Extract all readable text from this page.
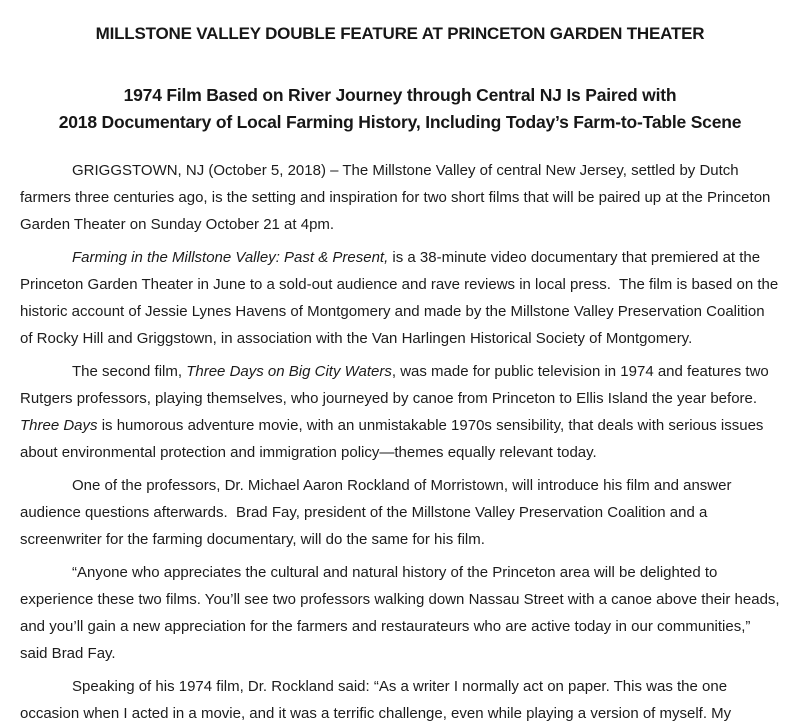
MILLSTONE VALLEY DOUBLE FEATURE AT PRINCETON GARDEN THEATER
1974 Film Based on River Journey through Central NJ Is Paired with
2018 Documentary of Local Farming History, Including Today’s Farm-to-Table Scene

GRIGGSTOWN, NJ (October 5, 2018) – The Millstone Valley of central New Jersey, settled by Dutch farmers three centuries ago, is the setting and inspiration for two short films that will be paired up at the Princeton Garden Theater on Sunday October 21 at 4pm.

Farming in the Millstone Valley: Past & Present, is a 38-minute video documentary that premiered at the Princeton Garden Theater in June to a sold-out audience and rave reviews in local press.  The film is based on the historic account of Jessie Lynes Havens of Montgomery and made by the Millstone Valley Preservation Coalition of Rocky Hill and Griggstown, in association with the Van Harlingen Historical Society of Montgomery.

The second film, Three Days on Big City Waters, was made for public television in 1974 and features two Rutgers professors, playing themselves, who journeyed by canoe from Princeton to Ellis Island the year before. Three Days is humorous adventure movie, with an unmistakable 1970s sensibility, that deals with serious issues about environmental protection and immigration policy—themes equally relevant today.

One of the professors, Dr. Michael Aaron Rockland of Morristown, will introduce his film and answer audience questions afterwards.  Brad Fay, president of the Millstone Valley Preservation Coalition and a screenwriter for the farming documentary, will do the same for his film.

“Anyone who appreciates the cultural and natural history of the Princeton area will be delighted to experience these two films. You’ll see two professors walking down Nassau Street with a canoe above their heads, and you’ll gain a new appreciation for the farmers and restaurateurs who are active today in our communities,” said Brad Fay.

Speaking of his 1974 film, Dr. Rockland said: “As a writer I normally act on paper. This was the one occasion when I acted in a movie, and it was a terrific challenge, even while playing a version of myself. My
